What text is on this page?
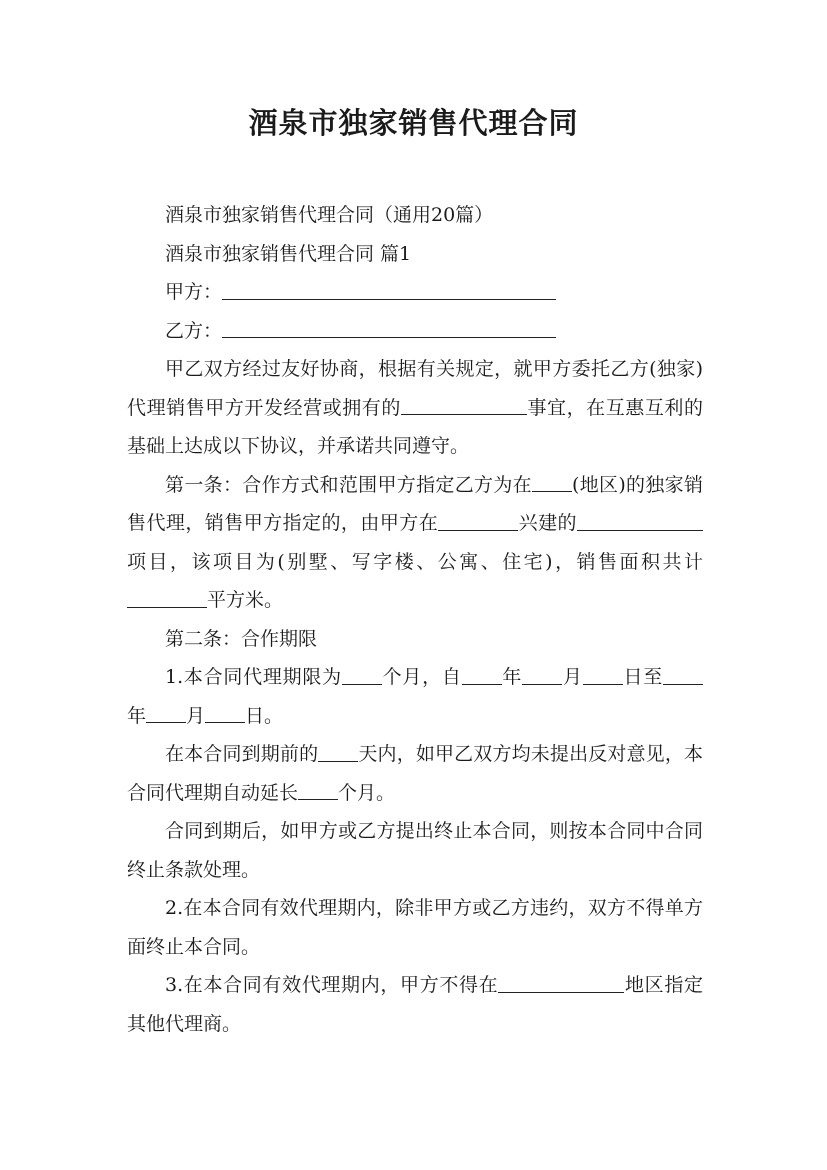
酒泉市独家销售代理合同

酒泉市独家销售代理合同（通用20篇）

酒泉市独家销售代理合同 篇1

甲方：

乙方：

甲乙双方经过友好协商，根据有关规定，就甲方委托乙方(独家)代理销售甲方开发经营或拥有的	事宜，在互惠互利的基础上达成以下协议，并承诺共同遵守。

第一条：合作方式和范围甲方指定乙方为在 (地区)的独家销售代理，销售甲方指定的，由甲方在	兴建的项目，该项目为(别墅、写字楼、公寓、住宅)，销售面积共计平方米。

第二条：合作期限

1.本合同代理期限为 个月，自 年 月 日至年 月 日。

在本合同到期前的 天内，如甲乙双方均未提出反对意见，本合同代理期自动延长 个月。

合同到期后，如甲方或乙方提出终止本合同，则按本合同中合同终止条款处理。

2.在本合同有效代理期内，除非甲方或乙方违约，双方不得单方面终止本合同。

3.在本合同有效代理期内，甲方不得在	地区指定其他代理商。
